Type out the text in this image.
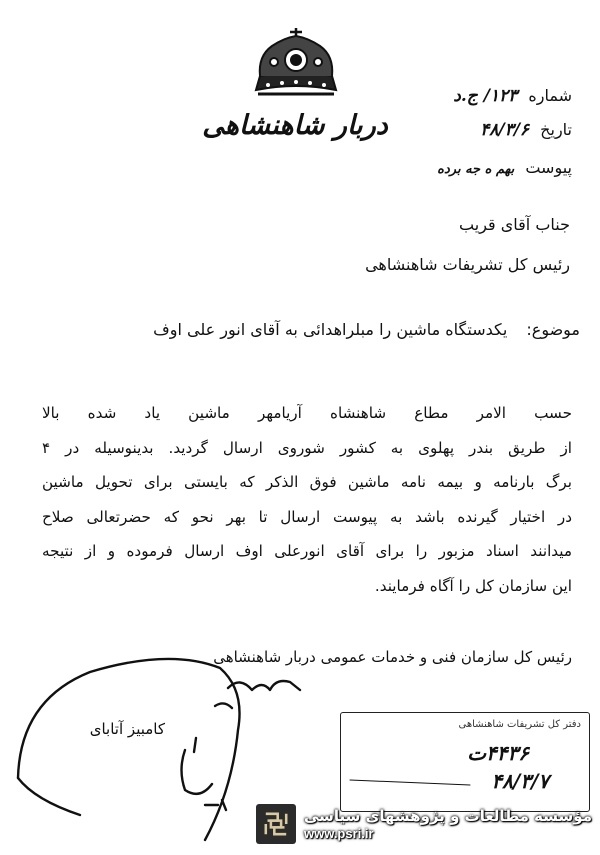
دربار شاهنشاهی
شماره ۱۲۳/ ج.د
تاریخ ۴۸/۳/۶
پیوست بهم ه جه برده
جناب آقای قریب
رئیس کل تشریفات شاهنشاهی
موضوع: یکدستگاه ماشین را مبلراهدائی به آقای انور علی اوف
حسب الامر مطاع شاهنشاه آریامهر ماشین یاد شده بالا
از طریق بندر پهلوی به کشور شوروی ارسال گردید. بدینوسیله در ۴
برگ بارنامه و بیمه نامه ماشین فوق الذکر که بایستی برای تحویل ماشین
در اختیار گیرنده باشد به پیوست ارسال تا بهر نحو که حضرتعالی صلاح
میدانند اسناد مزبور را برای آقای انورعلی اوف ارسال فرموده و از نتیجه
این سازمان کل را آگاه فرمایند.
رئیس کل سازمان فنی و خدمات عمومی دربار شاهنشاهی
کامبیز آتابای	دفتر کل تشریفات شاهنشاهی
۴۴۳۶ت
۴۸/۳/۷
مؤسسه مطالعات و پژوهشهای سیاسی
www.psri.ir
